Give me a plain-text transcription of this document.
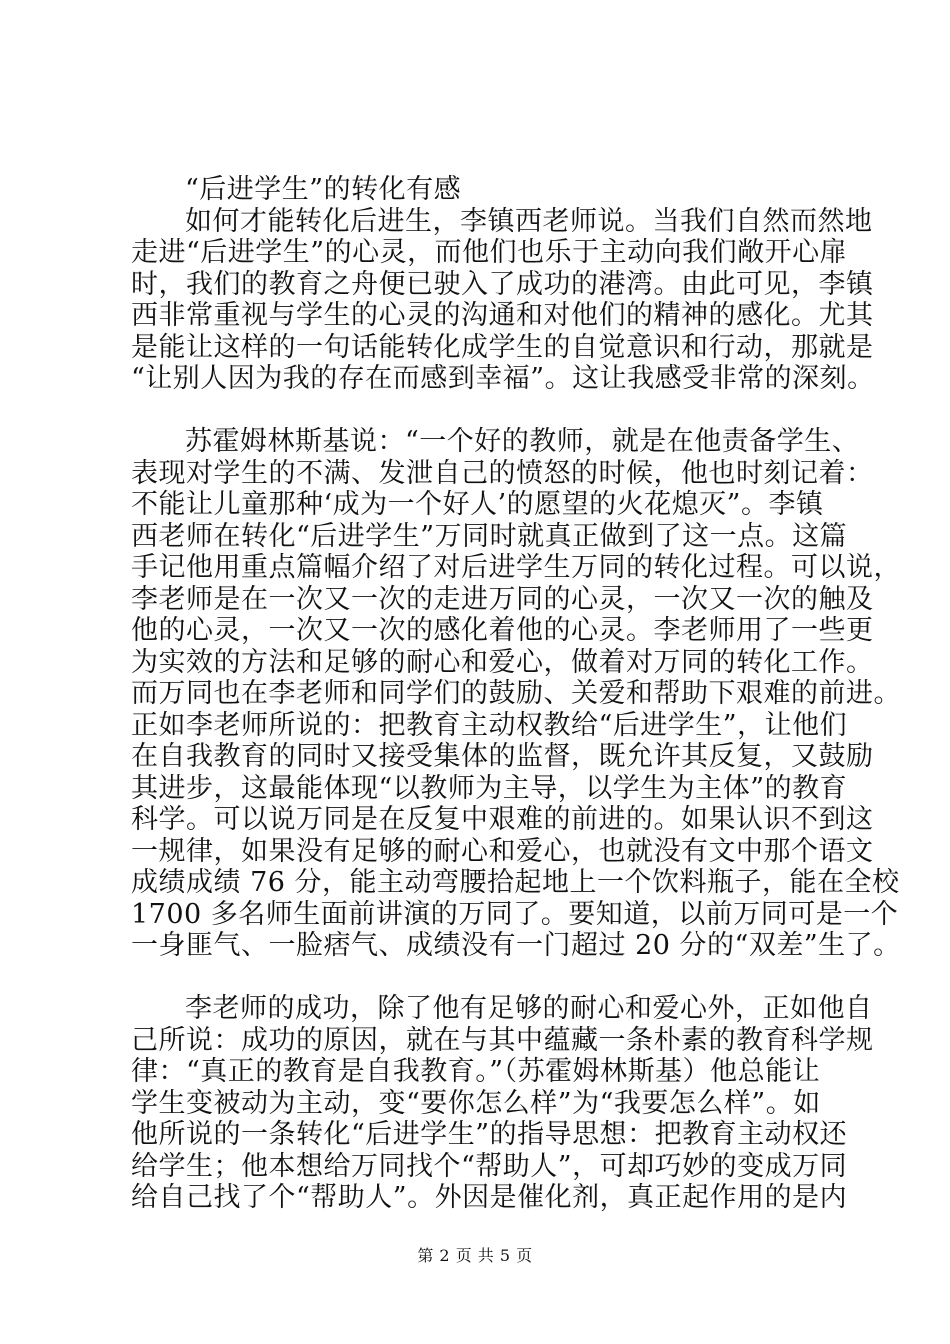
“后进学生”的转化有感
如何才能转化后进生，李镇西老师说。当我们自然而然地
走进“后进学生”的心灵，而他们也乐于主动向我们敞开心扉
时，我们的教育之舟便已驶入了成功的港湾。由此可见，李镇
西非常重视与学生的心灵的沟通和对他们的精神的感化。尤其
是能让这样的一句话能转化成学生的自觉意识和行动，那就是
“让别人因为我的存在而感到幸福”。这让我感受非常的深刻。
苏霍姆林斯基说：“一个好的教师，就是在他责备学生、
表现对学生的不满、发泄自己的愤怒的时候，他也时刻记着：
不能让儿童那种‘成为一个好人’的愿望的火花熄灭”。李镇
西老师在转化“后进学生”万同时就真正做到了这一点。这篇
手记他用重点篇幅介绍了对后进学生万同的转化过程。可以说，
李老师是在一次又一次的走进万同的心灵，一次又一次的触及
他的心灵，一次又一次的感化着他的心灵。李老师用了一些更
为实效的方法和足够的耐心和爱心，做着对万同的转化工作。
而万同也在李老师和同学们的鼓励、关爱和帮助下艰难的前进。
正如李老师所说的：把教育主动权教给“后进学生”，让他们
在自我教育的同时又接受集体的监督，既允许其反复，又鼓励
其进步，这最能体现“以教师为主导，以学生为主体”的教育
科学。可以说万同是在反复中艰难的前进的。如果认识不到这
一规律，如果没有足够的耐心和爱心，也就没有文中那个语文
成绩成绩 76 分，能主动弯腰拾起地上一个饮料瓶子，能在全校
1700 多名师生面前讲演的万同了。要知道，以前万同可是一个
一身匪气、一脸痞气、成绩没有一门超过 20 分的“双差”生了。
李老师的成功，除了他有足够的耐心和爱心外，正如他自
己所说：成功的原因，就在与其中蕴藏一条朴素的教育科学规
律：“真正的教育是自我教育。”（苏霍姆林斯基）他总能让
学生变被动为主动，变“要你怎么样”为“我要怎么样”。如
他所说的一条转化“后进学生”的指导思想：把教育主动权还
给学生；他本想给万同找个“帮助人”，可却巧妙的变成万同
给自己找了个“帮助人”。外因是催化剂，真正起作用的是内
第 2 页 共 5 页
